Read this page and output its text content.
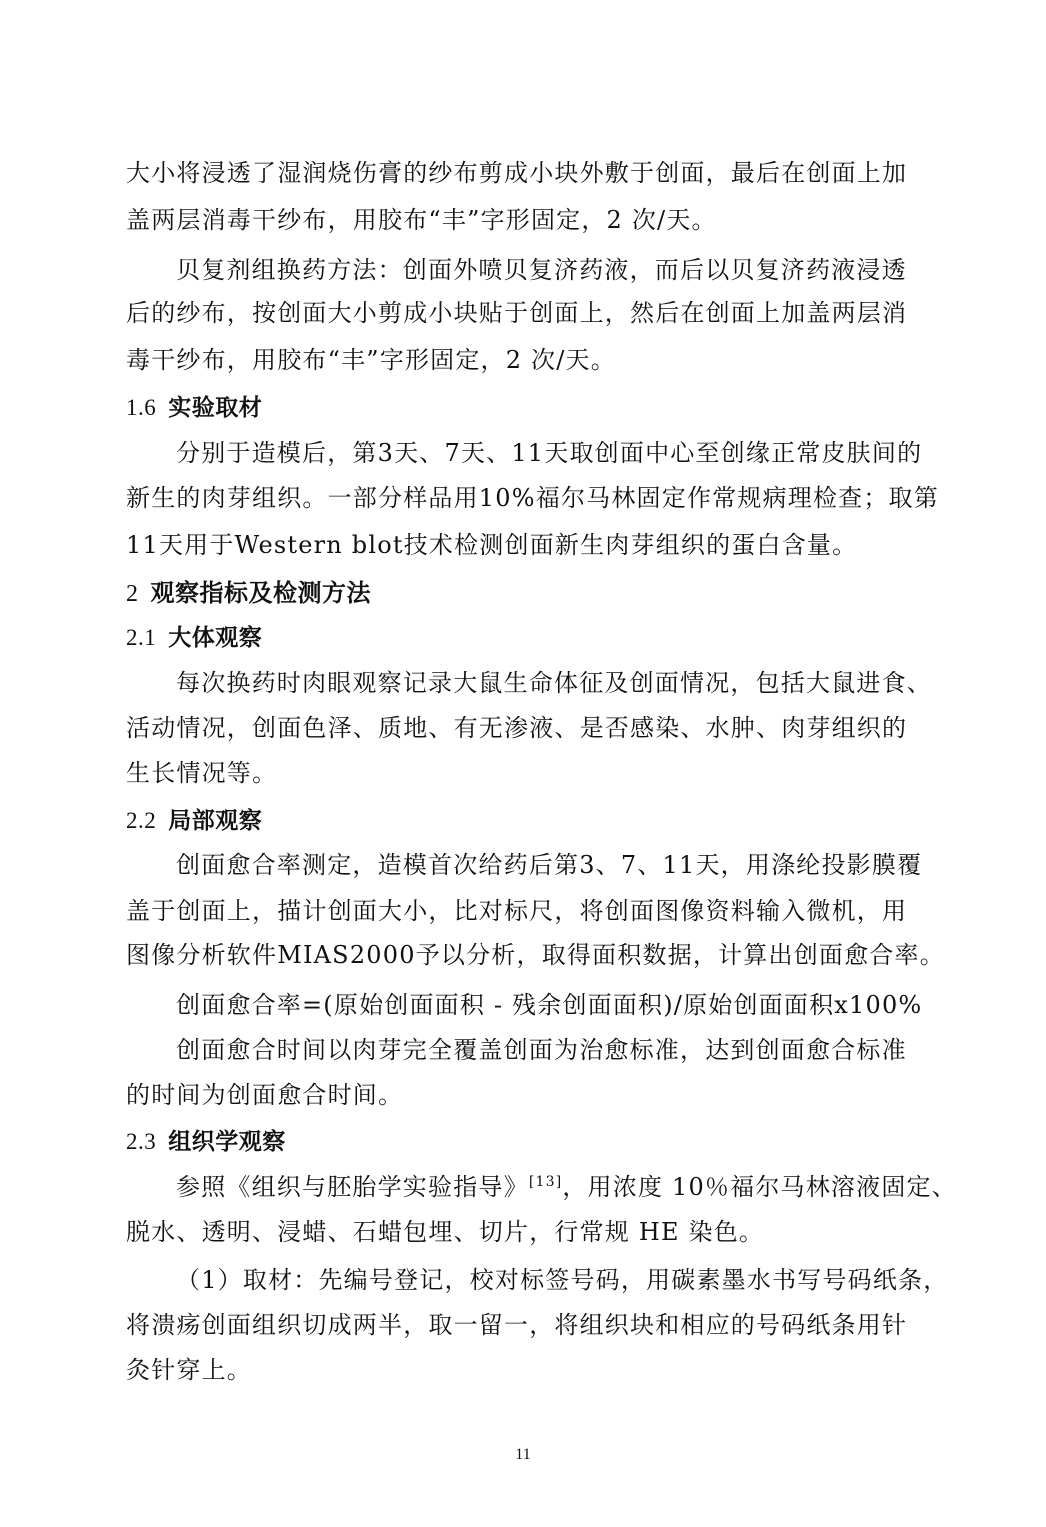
大小将浸透了湿润烧伤膏的纱布剪成小块外敷于创面，最后在创面上加
盖两层消毒干纱布，用胶布“丰”字形固定，2 次/天。
贝复剂组换药方法：创面外喷贝复济药液，而后以贝复济药液浸透
后的纱布，按创面大小剪成小块贴于创面上，然后在创面上加盖两层消
毒干纱布，用胶布“丰”字形固定，2 次/天。
1.6 实验取材
分别于造模后，第3天、7天、11天取创面中心至创缘正常皮肤间的
新生的肉芽组织。一部分样品用10%福尔马林固定作常规病理检查；取第
11天用于Western blot技术检测创面新生肉芽组织的蛋白含量。
2 观察指标及检测方法
2.1 大体观察
每次换药时肉眼观察记录大鼠生命体征及创面情况，包括大鼠进食、
活动情况，创面色泽、质地、有无渗液、是否感染、水肿、肉芽组织的
生长情况等。
2.2 局部观察
创面愈合率测定，造模首次给药后第3、7、11天，用涤纶投影膜覆
盖于创面上，描计创面大小，比对标尺，将创面图像资料输入微机，用
图像分析软件MIAS2000予以分析，取得面积数据，计算出创面愈合率。
创面愈合率=(原始创面面积 - 残余创面面积)/原始创面面积x100%
创面愈合时间以肉芽完全覆盖创面为治愈标准，达到创面愈合标准
的时间为创面愈合时间。
2.3 组织学观察
参照《组织与胚胎学实验指导》[13]，用浓度 10％福尔马林溶液固定、
脱水、透明、浸蜡、石蜡包埋、切片，行常规 HE 染色。
（1）取材：先编号登记，校对标签号码，用碳素墨水书写号码纸条，
将溃疡创面组织切成两半，取一留一，将组织块和相应的号码纸条用针
灸针穿上。
11
